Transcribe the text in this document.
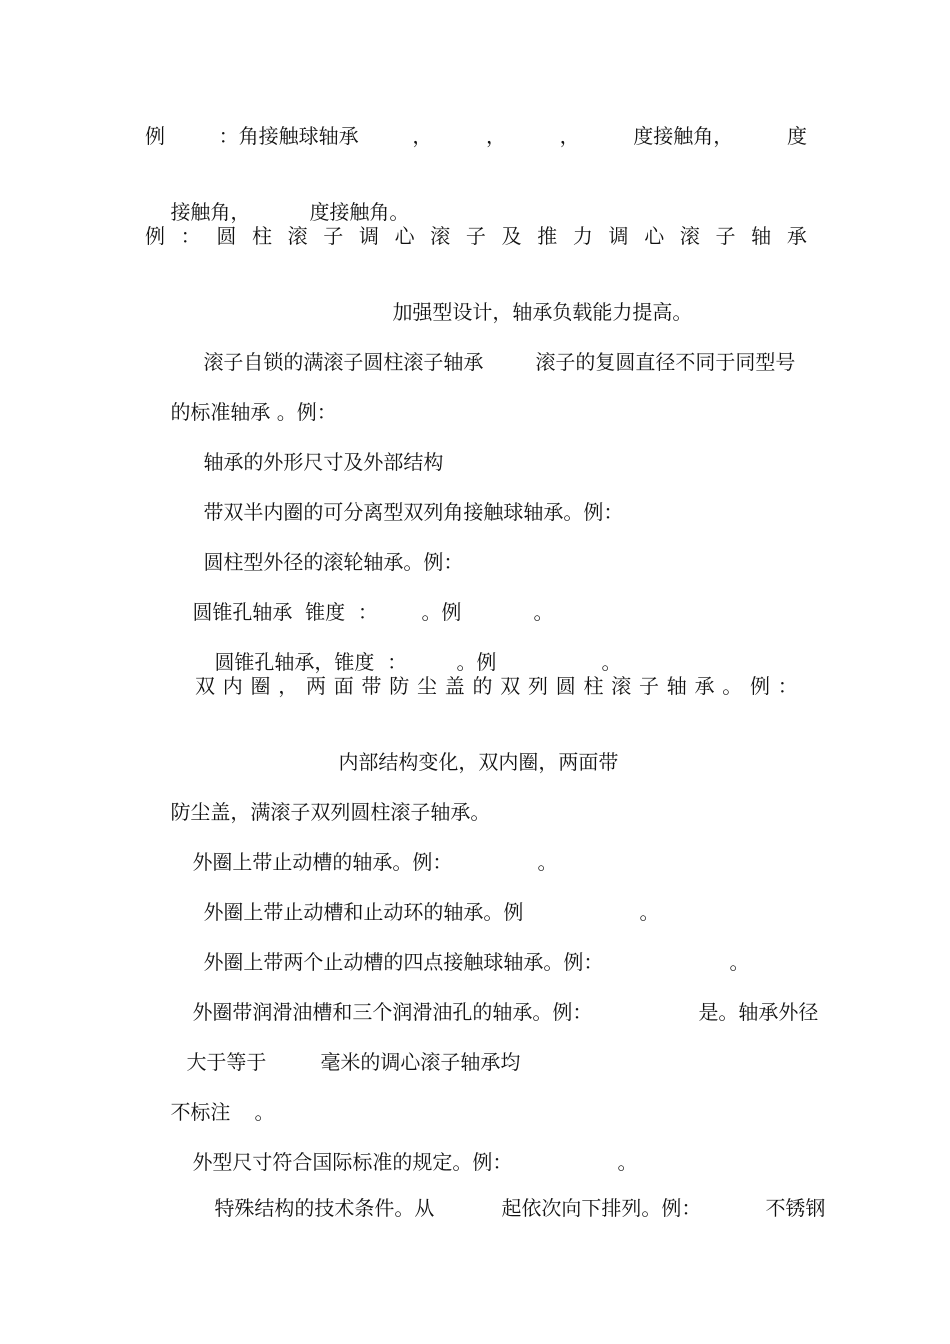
例	：角接触球轴承	，	，	，	度接触角，	度

接触角，
	度接触角。

例 ： 圆 柱 滚 子 调 心 滚 子 及 推 力 调 心 滚 子 轴 承

加强型设计，轴承负载能力提高。

滚子自锁的满滚子圆柱滚子轴承
	滚子的复圆直径不同于同型号

的标准轴承 。例：

轴承的外形尺寸及外部结构

带双半内圈的可分离型双列角接触球轴承。例：

圆柱型外径的滚轮轴承。例：

圆锥孔轴承  锥度  ：
	。例
	。

圆锥孔轴承，锥度  ：
	。例
	。

双 内 圈 ， 两 面 带 防 尘 盖 的 双 列 圆 柱 滚 子 轴 承 。 例 ：

内部结构变化，双内圈，两面带

防尘盖，满滚子双列圆柱滚子轴承。

外圈上带止动槽的轴承。例：
	。

外圈上带止动槽和止动环的轴承。例
	。

外圈上带两个止动槽的四点接触球轴承。例：
	。

外圈带润滑油槽和三个润滑油孔的轴承。例：
	是。轴承外径

大于等于
	毫米的调心滚子轴承均

不标注
	。

外型尺寸符合国际标准的规定。例：
	。

特殊结构的技术条件。从
	起依次向下排列。例：
	不锈钢
